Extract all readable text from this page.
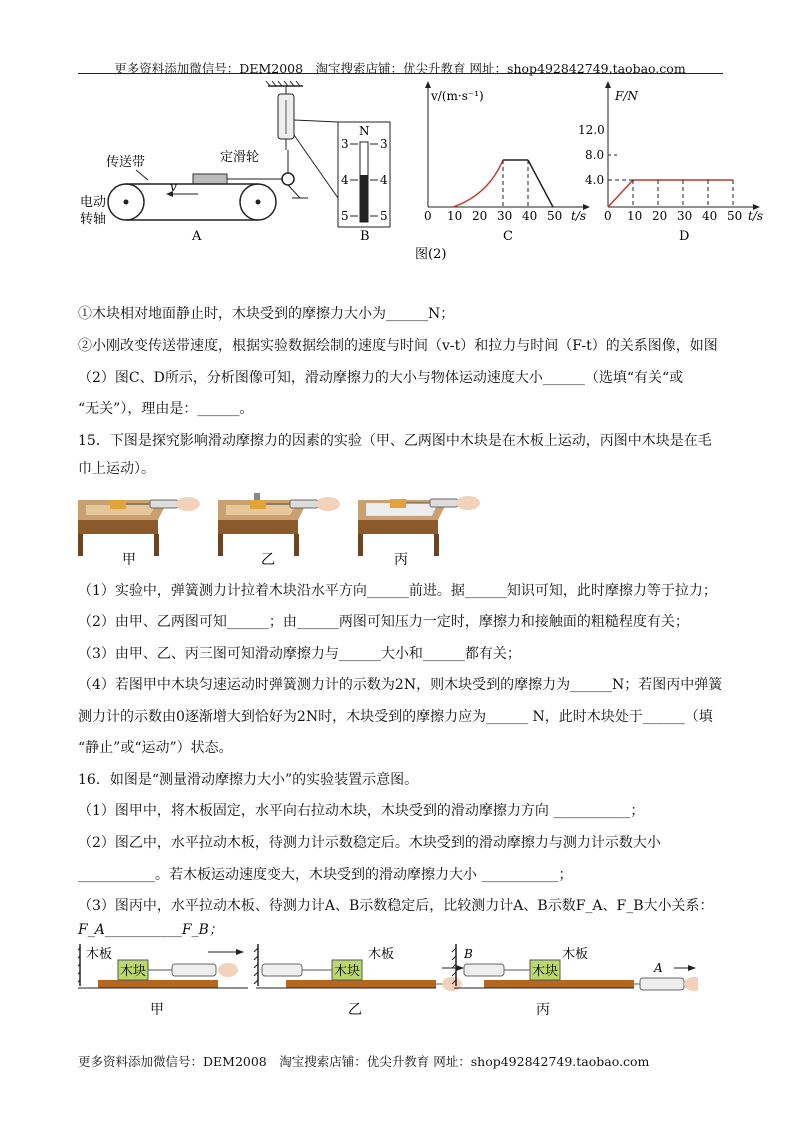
更多资料添加微信号：DEM2008　淘宝搜索店铺：优尖升教育 网址：shop492842749.taobao.com
传送带	定滑轮
电动
转轴
v
A
N
3
4
5
3
4
5
B
v/(m·s⁻¹)
0 10 20 30 40 50 t/s
C
F/N
12.0
8.0
4.0
0 10 20 30 40 50 t/s
D
图(2)
①木块相对地面静止时，木块受到的摩擦力大小为______N；
②小刚改变传送带速度，根据实验数据绘制的速度与时间（v-t）和拉力与时间（F-t）的关系图像，如图
（2）图C、D所示，分析图像可知，滑动摩擦力的大小与物体运动速度大小______（选填“有关“或
“无关”），理由是：______。
15．下图是探究影响滑动摩擦力的因素的实验（甲、乙两图中木块是在木板上运动，丙图中木块是在毛
巾上运动）。
甲	乙	丙
（1）实验中，弹簧测力计拉着木块沿水平方向______前进。据______知识可知，此时摩擦力等于拉力；
（2）由甲、乙两图可知______；由______两图可知压力一定时，摩擦力和接触面的粗糙程度有关；
（3）由甲、乙、丙三图可知滑动摩擦力与______大小和______都有关；
（4）若图甲中木块匀速运动时弹簧测力计的示数为2N，则木块受到的摩擦力为______N；若图丙中弹簧
测力计的示数由0逐渐增大到恰好为2N时，木块受到的摩擦力应为______ N，此时木块处于______（填
“静止”或“运动”）状态。
16．如图是“测量滑动摩擦力大小”的实验装置示意图。
（1）图甲中，将木板固定，水平向右拉动木块，木块受到的滑动摩擦力方向 ___________；
（2）图乙中，水平拉动木板，待测力计示数稳定后。木块受到的滑动摩擦力与测力计示数大小
___________。若木板运动速度变大，木块受到的滑动摩擦力大小 ___________；
（3）图丙中，水平拉动木板、待测力计A、B示数稳定后，比较测力计A、B示数F_A、F_B大小关系：
F_A___________F_B；
木块
木板
木块
木板	B
木块
木板
A
甲	乙	丙
更多资料添加微信号：DEM2008　淘宝搜索店铺：优尖升教育 网址：shop492842749.taobao.com
